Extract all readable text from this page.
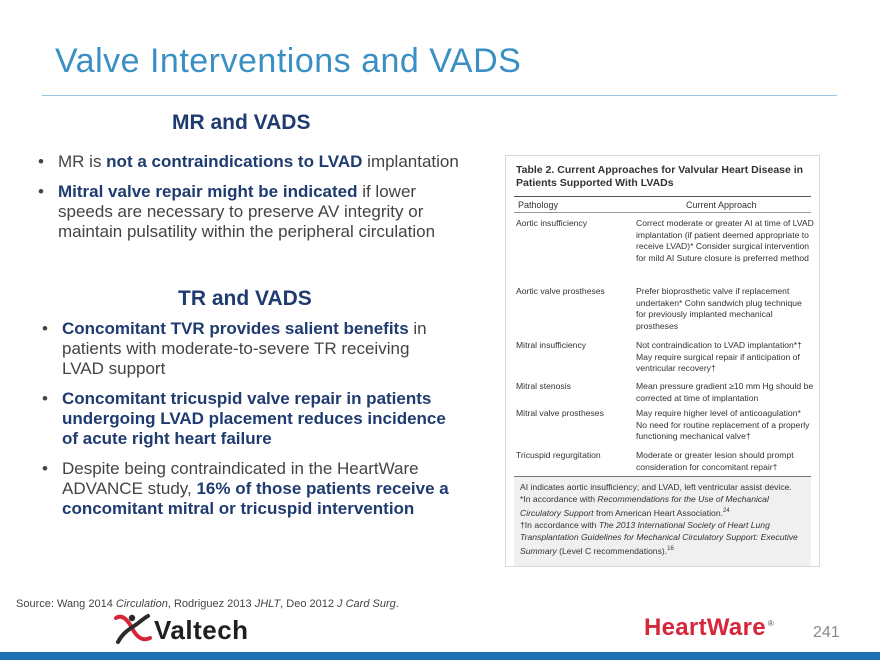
Valve Interventions and VADS
MR and VADS
• MR is not a contraindications to LVAD implantation
• Mitral valve repair might be indicated if lower speeds are necessary to preserve AV integrity or maintain pulsatility within the peripheral circulation
TR and VADS
• Concomitant TVR provides salient benefits in patients with moderate-to-severe TR receiving LVAD support
• Concomitant tricuspid valve repair in patients undergoing LVAD placement reduces incidence of acute right heart failure
• Despite being contraindicated in the HeartWare ADVANCE study, 16% of those patients receive a concomitant mitral or tricuspid intervention
Table 2. Current Approaches for Valvular Heart Disease in Patients Supported With LVADs
Pathology	Current Approach
Aortic insufficiency	Correct moderate or greater AI at time of LVAD implantation (if patient deemed appropriate to receive LVAD)* Consider surgical intervention for mild AI Suture closure is preferred method
Aortic valve prostheses	Prefer bioprosthetic valve if replacement undertaken* Cohn sandwich plug technique for previously implanted mechanical prostheses
Mitral insufficiency	Not contraindication to LVAD implantation*† May require surgical repair if anticipation of ventricular recovery†
Mitral stenosis	Mean pressure gradient ≥10 mm Hg should be corrected at time of implantation
Mitral valve prostheses	May require higher level of anticoagulation* No need for routine replacement of a properly functioning mechanical valve†
Tricuspid regurgitation	Moderate or greater lesion should prompt consideration for concomitant repair†
AI indicates aortic insufficiency; and LVAD, left ventricular assist device.
*In accordance with Recommendations for the Use of Mechanical Circulatory Support from American Heart Association.$^{24}$
†In accordance with The 2013 International Society of Heart Lung Transplantation Guidelines for Mechanical Circulatory Support: Executive Summary (Level C recommendations).$^{16}$
Source: Wang 2014 Circulation, Rodriguez 2013 JHLT, Deo 2012 J Card Surg.
Valtech	HeartWare ®
241
